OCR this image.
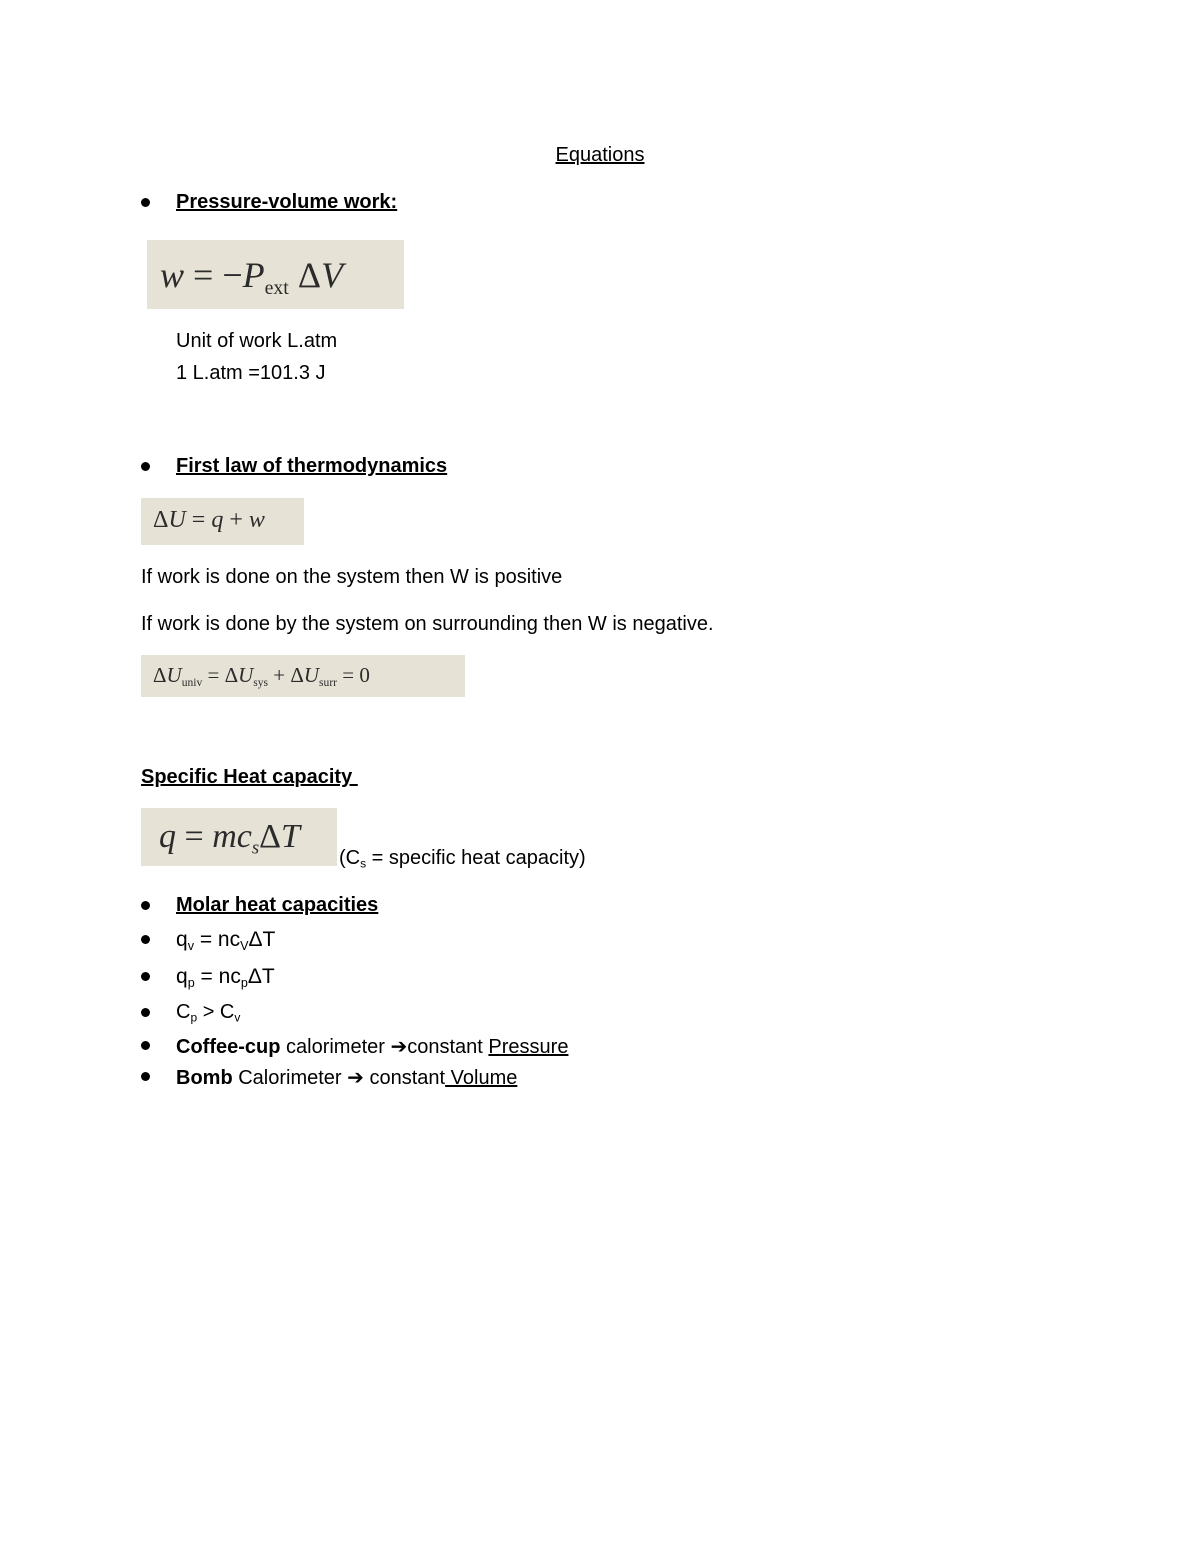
Equations
Pressure-volume work:
$w = -P_{ext}$ ΔV
Unit of work L.atm
1 L.atm =101.3 J
First law of thermodynamics
ΔU = q + w
If work is done on the system then W is positive
If work is done by the system on surrounding then W is negative.
$\Delta U_{univ} = \Delta U_{sys} + \Delta U_{surr} = 0$
Specific Heat capacity
$q = mc_s\Delta T$
(Cs = specific heat capacity)
Molar heat capacities
qv = ncVΔT
qp = ncpΔT
Cp > Cv
Coffee-cup calorimeter ➔constant Pressure
Bomb Calorimeter ➔ constant Volume
